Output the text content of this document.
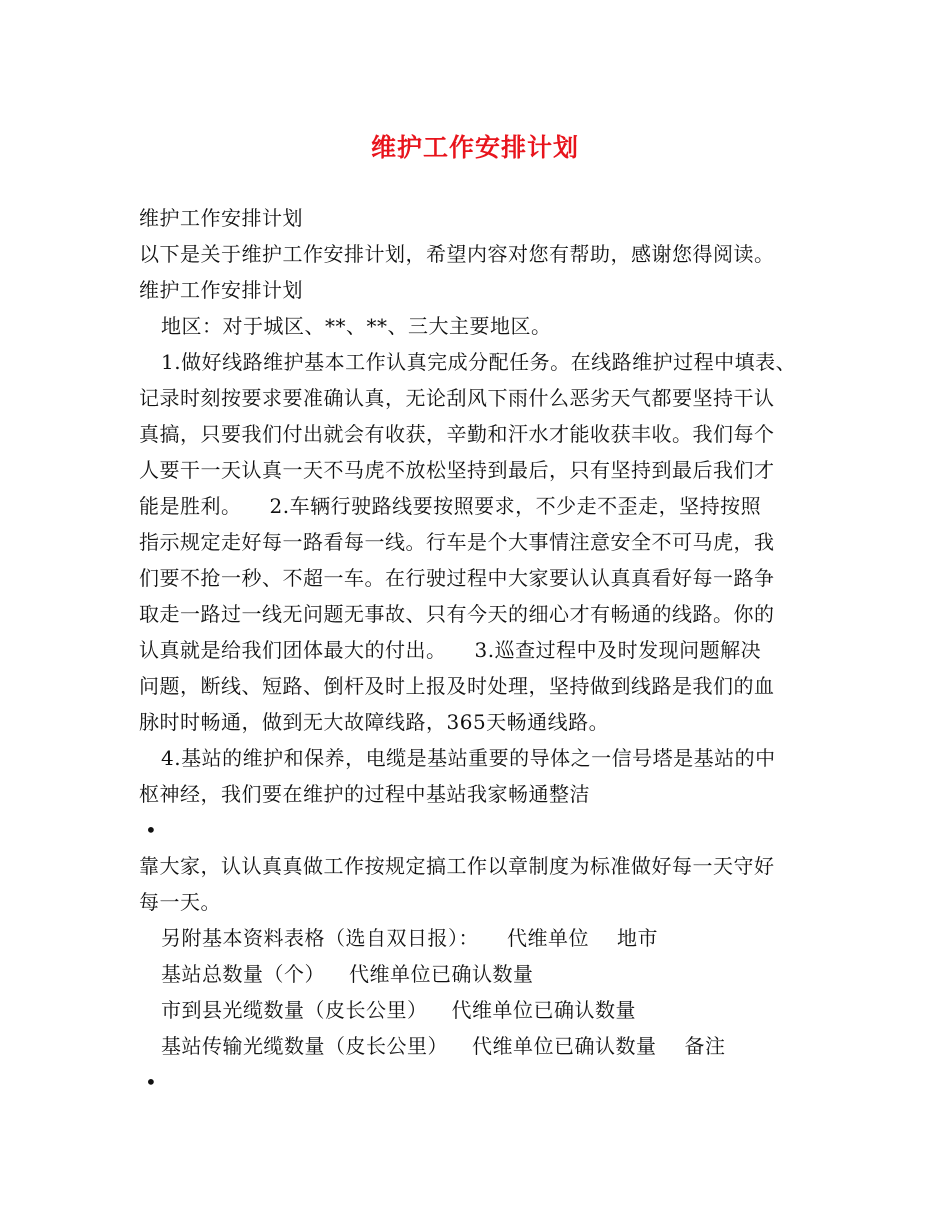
维护工作安排计划
维护工作安排计划
以下是关于维护工作安排计划，希望内容对您有帮助，感谢您得阅读。
维护工作安排计划
地区：对于城区、**、**、三大主要地区。
1.做好线路维护基本工作认真完成分配任务。在线路维护过程中填表、
记录时刻按要求要准确认真，无论刮风下雨什么恶劣天气都要坚持干认
真搞，只要我们付出就会有收获，辛勤和汗水才能收获丰收。我们每个
人要干一天认真一天不马虎不放松坚持到最后，只有坚持到最后我们才
能是胜利。 2.车辆行驶路线要按照要求，不少走不歪走，坚持按照
指示规定走好每一路看每一线。行车是个大事情注意安全不可马虎，我
们要不抢一秒、不超一车。在行驶过程中大家要认认真真看好每一路争
取走一路过一线无问题无事故、只有今天的细心才有畅通的线路。你的
认真就是给我们团体最大的付出。 3.巡查过程中及时发现问题解决
问题，断线、短路、倒杆及时上报及时处理，坚持做到线路是我们的血
脉时时畅通，做到无大故障线路，365天畅通线路。
4.基站的维护和保养，电缆是基站重要的导体之一信号塔是基站的中
枢神经，我们要在维护的过程中基站我家畅通整洁
•
靠大家，认认真真做工作按规定搞工作以章制度为标准做好每一天守好
每一天。
另附基本资料表格（选自双日报）： 代维单位 地市
基站总数量（个） 代维单位已确认数量
市到县光缆数量（皮长公里） 代维单位已确认数量
基站传输光缆数量（皮长公里） 代维单位已确认数量 备注
•
